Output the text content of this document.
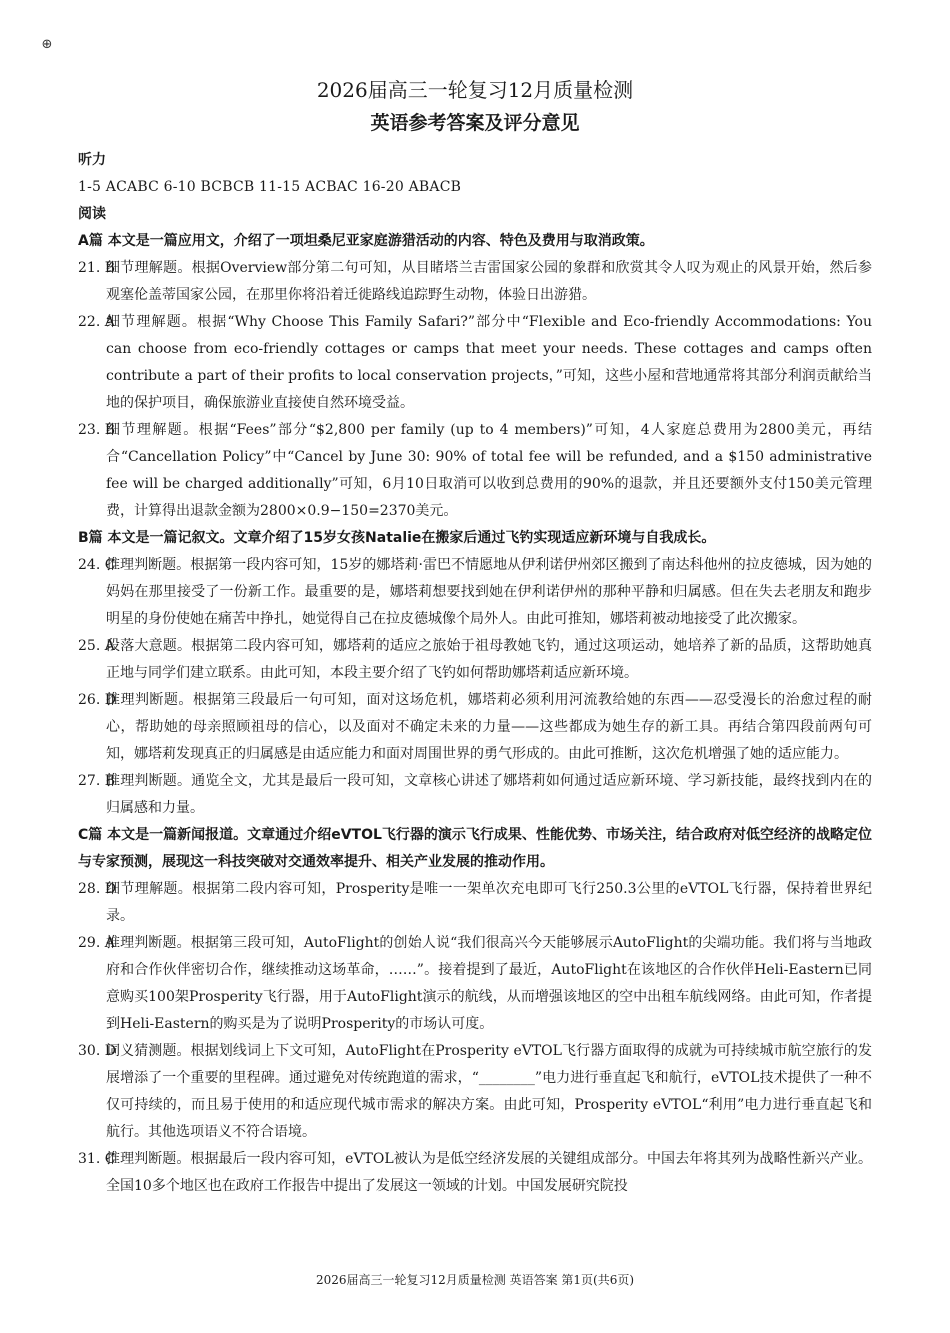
⊕

2026届高三一轮复习12月质量检测

英语参考答案及评分意见

听力

1-5 ACABC 6-10 BCBCB 11-15 ACBAC 16-20 ABACB

阅读

A篇 本文是一篇应用文，介绍了一项坦桑尼亚家庭游猎活动的内容、特色及费用与取消政策。

21. B
细节理解题。根据Overview部分第二句可知，从目睹塔兰吉雷国家公园的象群和欣赏其令人叹为观止的风景开始，然后参观塞伦盖蒂国家公园，在那里你将沿着迁徙路线追踪野生动物，体验日出游猎。
22. A
细节理解题。根据“Why Choose This Family Safari?”部分中“Flexible and Eco-friendly Accommodations: You can choose from eco-friendly cottages or camps that meet your needs. These cottages and camps often contribute a part of their profits to local conservation projects，”可知，这些小屋和营地通常将其部分利润贡献给当地的保护项目，确保旅游业直接使自然环境受益。
23. B
细节理解题。根据“Fees”部分“$2,800 per family (up to 4 members)”可知，4人家庭总费用为2800美元，再结合“Cancellation Policy”中“Cancel by June 30: 90% of total fee will be refunded, and a $150 administrative fee will be charged additionally”可知，6月10日取消可以收到总费用的90%的退款，并且还要额外支付150美元管理费，计算得出退款金额为2800×0.9−150=2370美元。

B篇 本文是一篇记叙文。文章介绍了15岁女孩Natalie在搬家后通过飞钓实现适应新环境与自我成长。

24. C
推理判断题。根据第一段内容可知，15岁的娜塔莉·雷巴不情愿地从伊利诺伊州郊区搬到了南达科他州的拉皮德城，因为她的妈妈在那里接受了一份新工作。最重要的是，娜塔莉想要找到她在伊利诺伊州的那种平静和归属感。但在失去老朋友和跑步明星的身份使她在痛苦中挣扎，她觉得自己在拉皮德城像个局外人。由此可推知，娜塔莉被动地接受了此次搬家。
25. A
段落大意题。根据第二段内容可知，娜塔莉的适应之旅始于祖母教她飞钓，通过这项运动，她培养了新的品质，这帮助她真正地与同学们建立联系。由此可知，本段主要介绍了飞钓如何帮助娜塔莉适应新环境。
26. D
推理判断题。根据第三段最后一句可知，面对这场危机，娜塔莉必须利用河流教给她的东西——忍受漫长的治愈过程的耐心，帮助她的母亲照顾祖母的信心，以及面对不确定未来的力量——这些都成为她生存的新工具。再结合第四段前两句可知，娜塔莉发现真正的归属感是由适应能力和面对周围世界的勇气形成的。由此可推断，这次危机增强了她的适应能力。
27. B
推理判断题。通览全文，尤其是最后一段可知，文章核心讲述了娜塔莉如何通过适应新环境、学习新技能，最终找到内在的归属感和力量。

C篇 本文是一篇新闻报道。文章通过介绍eVTOL飞行器的演示飞行成果、性能优势、市场关注，结合政府对低空经济的战略定位与专家预测，展现这一科技突破对交通效率提升、相关产业发展的推动作用。

28. D
细节理解题。根据第二段内容可知，Prosperity是唯一一架单次充电即可飞行250.3公里的eVTOL飞行器，保持着世界纪录。
29. A
推理判断题。根据第三段可知，AutoFlight的创始人说“我们很高兴今天能够展示AutoFlight的尖端功能。我们将与当地政府和合作伙伴密切合作，继续推动这场革命，……”。接着提到了最近，AutoFlight在该地区的合作伙伴Heli-Eastern已同意购买100架Prosperity飞行器，用于AutoFlight演示的航线，从而增强该地区的空中出租车航线网络。由此可知，作者提到Heli-Eastern的购买是为了说明Prosperity的市场认可度。
30. D
词义猜测题。根据划线词上下文可知，AutoFlight在Prosperity eVTOL飞行器方面取得的成就为可持续城市航空旅行的发展增添了一个重要的里程碑。通过避免对传统跑道的需求，“________”电力进行垂直起飞和航行，eVTOL技术提供了一种不仅可持续的，而且易于使用的和适应现代城市需求的解决方案。由此可知，Prosperity eVTOL“利用”电力进行垂直起飞和航行。其他选项语义不符合语境。
31. C
推理判断题。根据最后一段内容可知，eVTOL被认为是低空经济发展的关键组成部分。中国去年将其列为战略性新兴产业。全国10多个地区也在政府工作报告中提出了发展这一领域的计划。中国发展研究院投
2026届高三一轮复习12月质量检测 英语答案 第1页(共6页)
